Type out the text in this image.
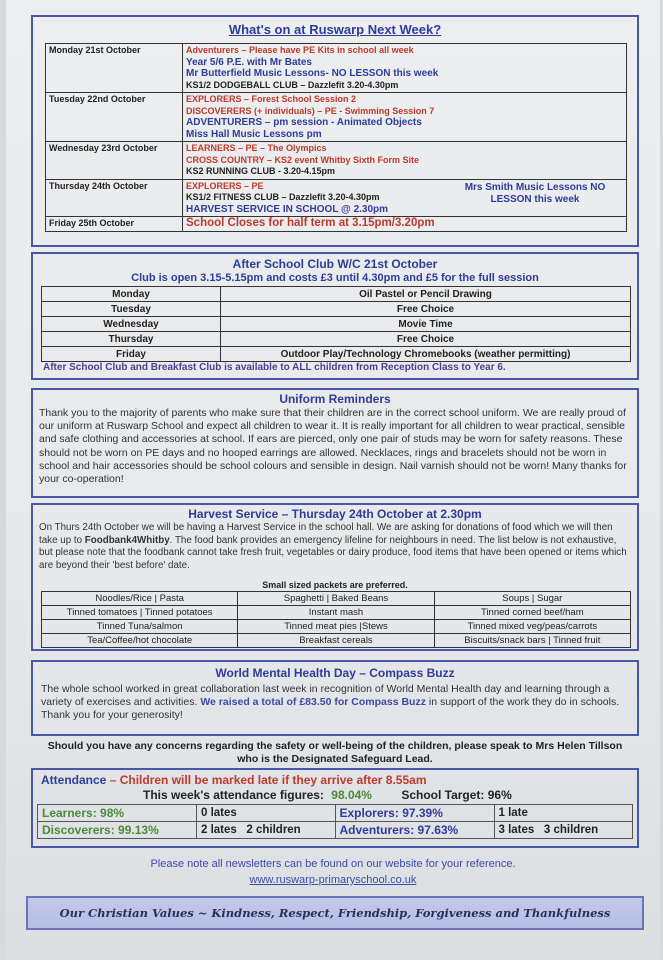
What's on at Ruswarp Next Week?
Monday 21st October	Adventurers – Please have PE Kits in school all week
Year 5/6 P.E. with Mr Bates
Mr Butterfield Music Lessons- NO LESSON this week
KS1/2 DODGEBALL CLUB – Dazzlefit 3.20-4.30pm

Tuesday 22nd October	EXPLORERS – Forest School Session 2
DISCOVERERS (+ individuals) – PE - Swimming Session 7
ADVENTURERS – pm session - Animated Objects
Miss Hall Music Lessons pm

Wednesday 23rd October	LEARNERS – PE – The Olympics
CROSS COUNTRY – KS2 event Whitby Sixth Form Site
KS2 RUNNING CLUB - 3.20-4.15pm

Thursday 24th October	EXPLORERS – PE
KS1/2 FITNESS CLUB – Dazzlefit 3.20-4.30pm
HARVEST SERVICE IN SCHOOL @ 2.30pm
Mrs Smith Music Lessons NO LESSON this week

Friday 25th October	School Closes for half term at 3.15pm/3.20pm
After School Club W/C 21st October
Club is open 3.15-5.15pm and costs £3 until 4.30pm and £5 for the full session
Monday	Oil Pastel or Pencil Drawing
Tuesday	Free Choice
Wednesday	Movie Time
Thursday	Free Choice
Friday	Outdoor Play/Technology Chromebooks (weather permitting)
After School Club and Breakfast Club is available to ALL children from Reception Class to Year 6.
Uniform Reminders
Thank you to the majority of parents who make sure that their children are in the correct school uniform. We are really proud of our uniform at Ruswarp School and expect all children to wear it. It is really important for all children to wear practical, sensible and safe clothing and accessories at school. If ears are pierced, only one pair of studs may be worn for safety reasons. These should not be worn on PE days and no hooped earrings are allowed. Necklaces, rings and bracelets should not be worn in school and hair accessories should be school colours and sensible in design. Nail varnish should not be worn! Many thanks for your co-operation!
Harvest Service – Thursday 24th October at 2.30pm
On Thurs 24th October we will be having a Harvest Service in the school hall. We are asking for donations of food which we will then take up to Foodbank4Whitby. The food bank provides an emergency lifeline for neighbours in need. The list below is not exhaustive, but please note that the foodbank cannot take fresh fruit, vegetables or dairy produce, food items that have been opened or items which are beyond their 'best before' date.
Small sized packets are preferred.
Noodles/Rice | Pasta	Spaghetti | Baked Beans	Soups | Sugar
Tinned tomatoes | Tinned potatoes	Instant mash	Tinned corned beef/ham
Tinned Tuna/salmon	Tinned meat pies |Stews	Tinned mixed veg/peas/carrots
Tea/Coffee/hot chocolate	Breakfast cereals	Biscuits/snack bars | Tinned fruit
World Mental Health Day – Compass Buzz
The whole school worked in great collaboration last week in recognition of World Mental Health day and learning through a variety of exercises and activities. We raised a total of £83.50 for Compass Buzz in support of the work they do in schools. Thank you for your generosity!
Should you have any concerns regarding the safety or well-being of the children, please speak to Mrs Helen Tillson who is the Designated Safeguard Lead.
Attendance – Children will be marked late if they arrive after 8.55am
This week's attendance figures: 98.04% School Target: 96%
Learners: 98%	0 lates	Explorers: 97.39%	1 late
Discoverers: 99.13%	2 lates   2 children	Adventurers: 97.63%	3 lates   3 children
Please note all newsletters can be found on our website for your reference.
www.ruswarp-primaryschool.co.uk
Our Christian Values ~ Kindness, Respect, Friendship, Forgiveness and Thankfulness
